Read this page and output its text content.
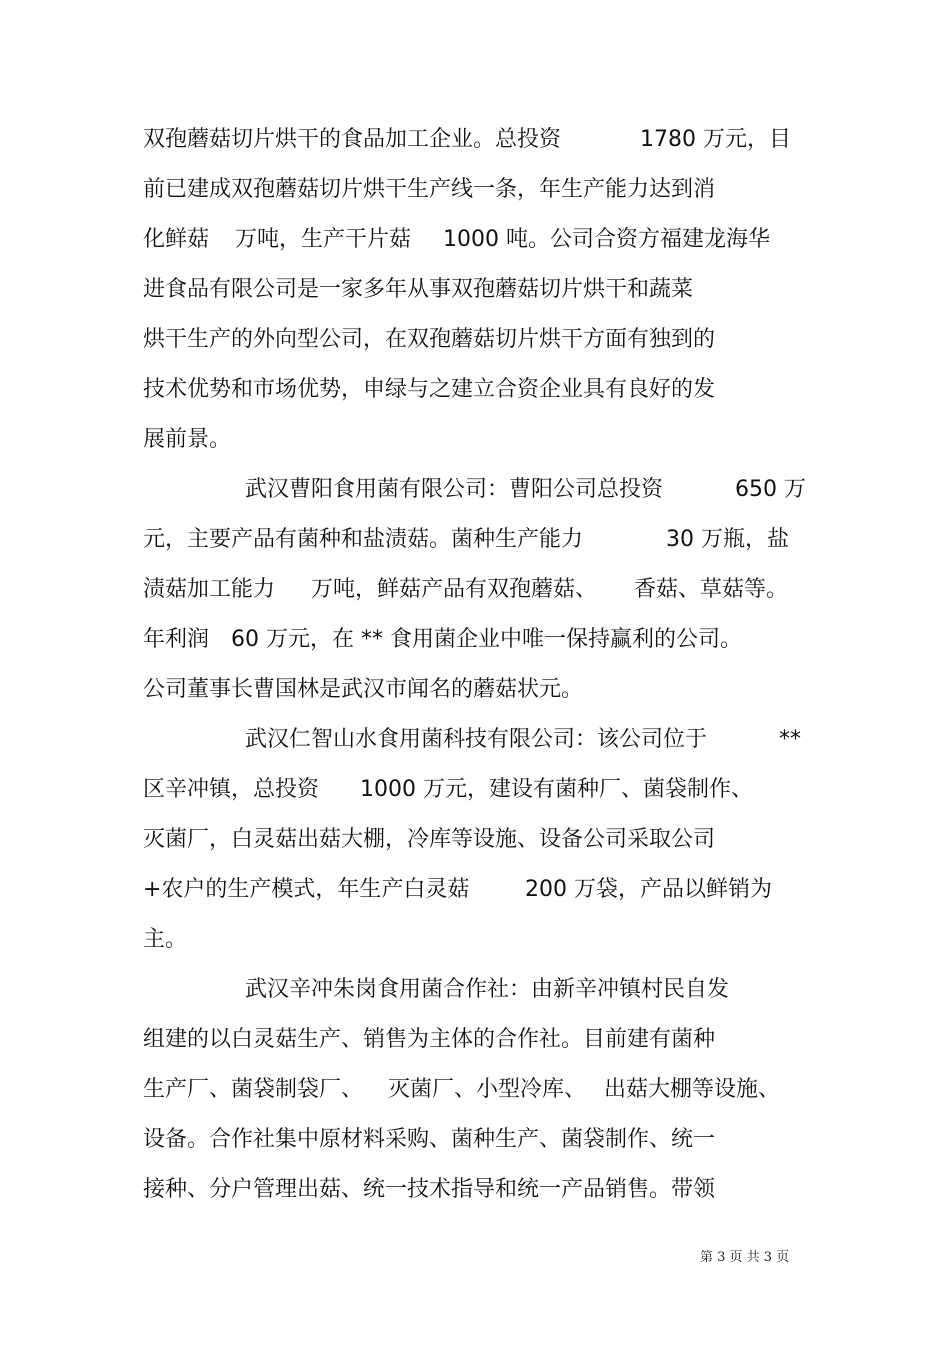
双孢蘑菇切片烘干的食品加工企业。总投资

	1780 万元，目

前已建成双孢蘑菇切片烘干生产线一条，年生产能力达到消

化鲜菇

万吨，生产干片菇

1000 吨。公司合资方福建龙海华

进食品有限公司是一家多年从事双孢蘑菇切片烘干和蔬菜

烘干生产的外向型公司，在双孢蘑菇切片烘干方面有独到的

技术优势和市场优势，申绿与之建立合资企业具有良好的发

展前景。

武汉曹阳食用菌有限公司：曹阳公司总投资

	650 万

元，主要产品有菌种和盐渍菇。菌种生产能力

	30 万瓶，盐

渍菇加工能力

万吨，鲜菇产品有双孢蘑菇、

香菇、草菇等。

年利润

60 万元，在 ** 食用菌企业中唯一保持赢利的公司。

公司董事长曹国林是武汉市闻名的蘑菇状元。

武汉仁智山水食用菌科技有限公司：该公司位于

	**

区辛冲镇，总投资

1000 万元，建设有菌种厂、菌袋制作、

灭菌厂，白灵菇出菇大棚，冷库等设施、设备公司采取公司

+农户的生产模式，年生产白灵菇

	200 万袋，产品以鲜销为

主。

武汉辛冲朱岗食用菌合作社：由新辛冲镇村民自发

组建的以白灵菇生产、销售为主体的合作社。目前建有菌种

生产厂、菌袋制袋厂、

灭菌厂、小型冷库、

出菇大棚等设施、

设备。合作社集中原材料采购、菌种生产、菌袋制作、统一

接种、分户管理出菇、统一技术指导和统一产品销售。带领

第 3 页 共 3 页
